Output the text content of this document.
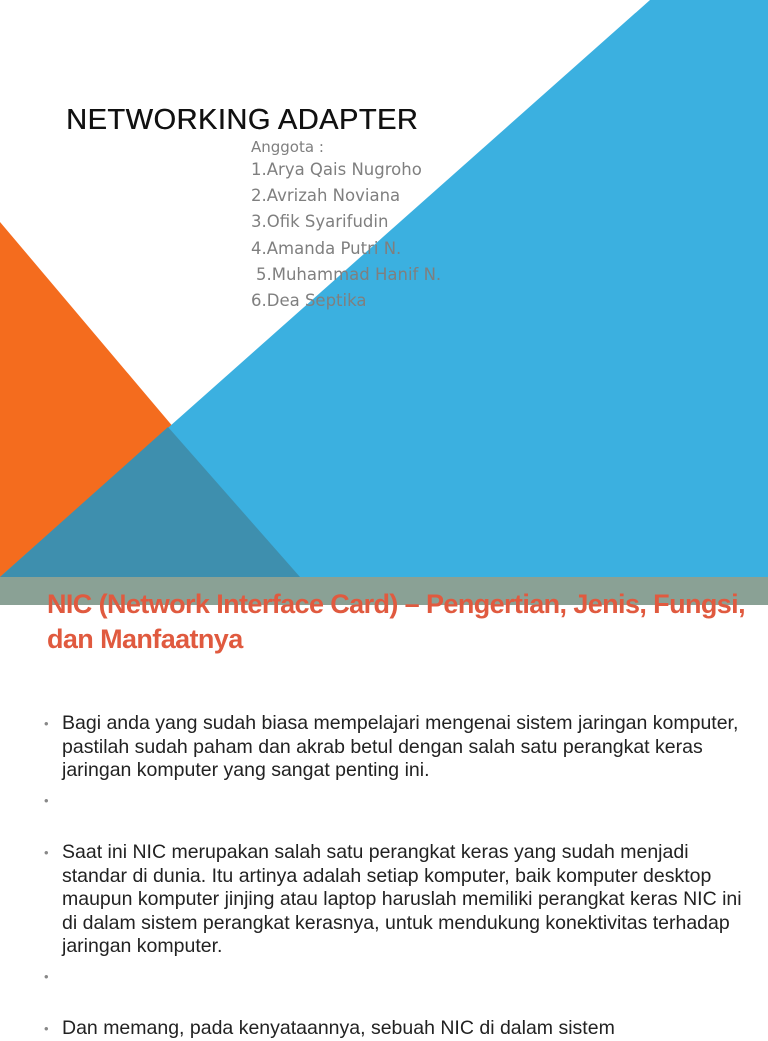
NETWORKING ADAPTER

Anggota :

1.Arya Qais Nugroho
2.Avrizah Noviana
3.Ofik Syarifudin
4.Amanda Putri N.
5.Muhammad Hanif N.
6.Dea Septika
NIC (Network Interface Card) – Pengertian, Jenis, Fungsi, dan Manfaatnya
• Bagi anda yang sudah biasa mempelajari mengenai sistem jaringan komputer, pastilah sudah paham dan akrab betul dengan salah satu perangkat keras jaringan komputer yang sangat penting ini.
•
• Saat ini NIC merupakan salah satu perangkat keras yang sudah menjadi standar di dunia. Itu artinya adalah setiap komputer, baik komputer desktop maupun komputer jinjing atau laptop haruslah memiliki perangkat keras NIC ini di dalam sistem perangkat kerasnya, untuk mendukung konektivitas terhadap jaringan komputer.
•
• Dan memang, pada kenyataannya, sebuah NIC di dalam sistem
